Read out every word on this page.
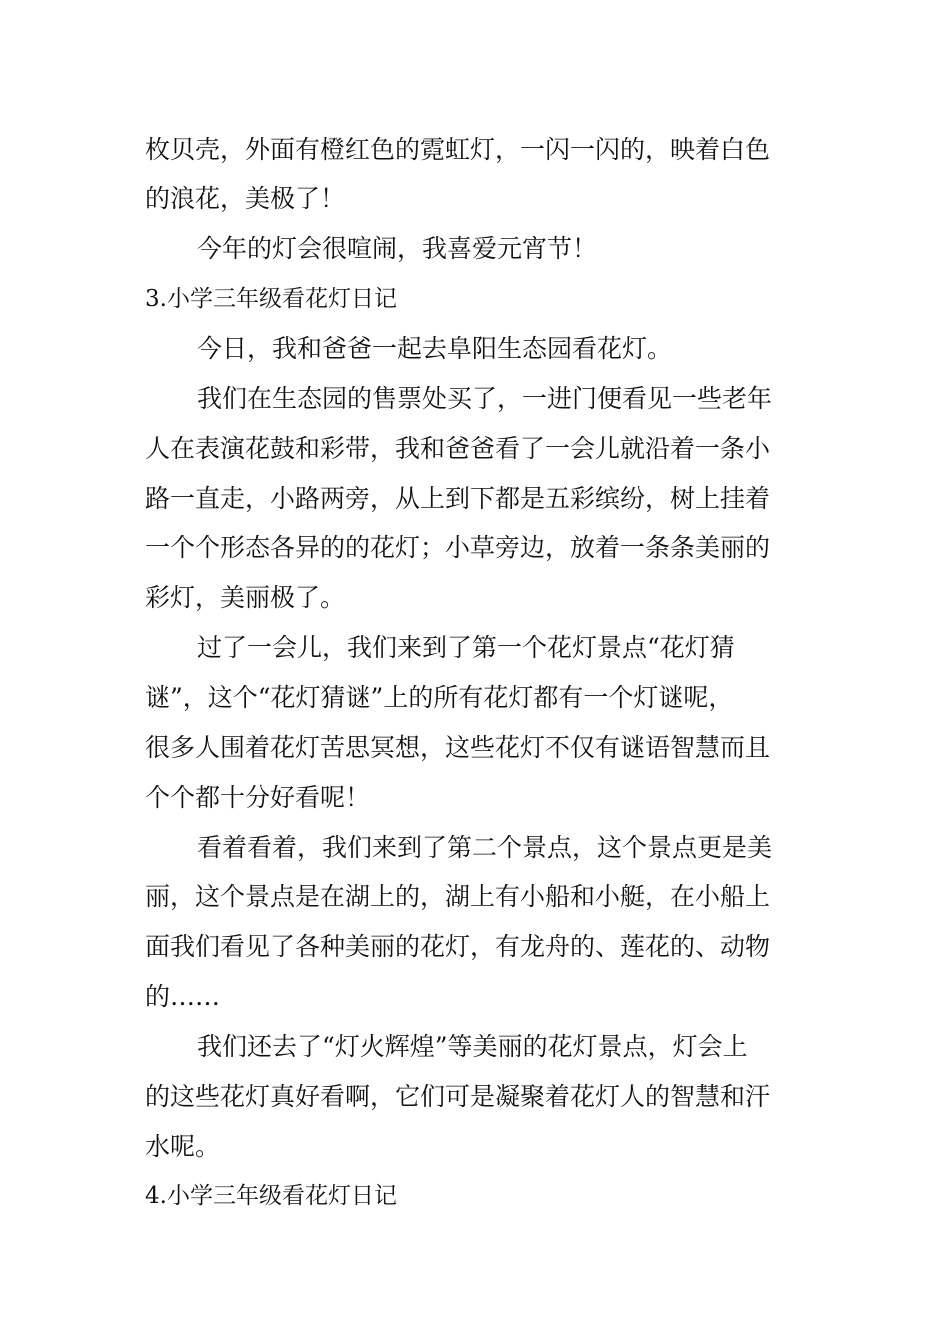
枚贝壳，外面有橙红色的霓虹灯，一闪一闪的，映着白色
的浪花，美极了！
今年的灯会很喧闹，我喜爱元宵节！
3.小学三年级看花灯日记
今日，我和爸爸一起去阜阳生态园看花灯。
我们在生态园的售票处买了，一进门便看见一些老年
人在表演花鼓和彩带，我和爸爸看了一会儿就沿着一条小
路一直走，小路两旁，从上到下都是五彩缤纷，树上挂着
一个个形态各异的的花灯；小草旁边，放着一条条美丽的
彩灯，美丽极了。
过了一会儿，我们来到了第一个花灯景点“花灯猜
谜”，这个“花灯猜谜”上的所有花灯都有一个灯谜呢，
很多人围着花灯苦思冥想，这些花灯不仅有谜语智慧而且
个个都十分好看呢！
看着看着，我们来到了第二个景点，这个景点更是美
丽，这个景点是在湖上的，湖上有小船和小艇，在小船上
面我们看见了各种美丽的花灯，有龙舟的、莲花的、动物
的……
我们还去了“灯火辉煌”等美丽的花灯景点，灯会上
的这些花灯真好看啊，它们可是凝聚着花灯人的智慧和汗
水呢。
4.小学三年级看花灯日记
